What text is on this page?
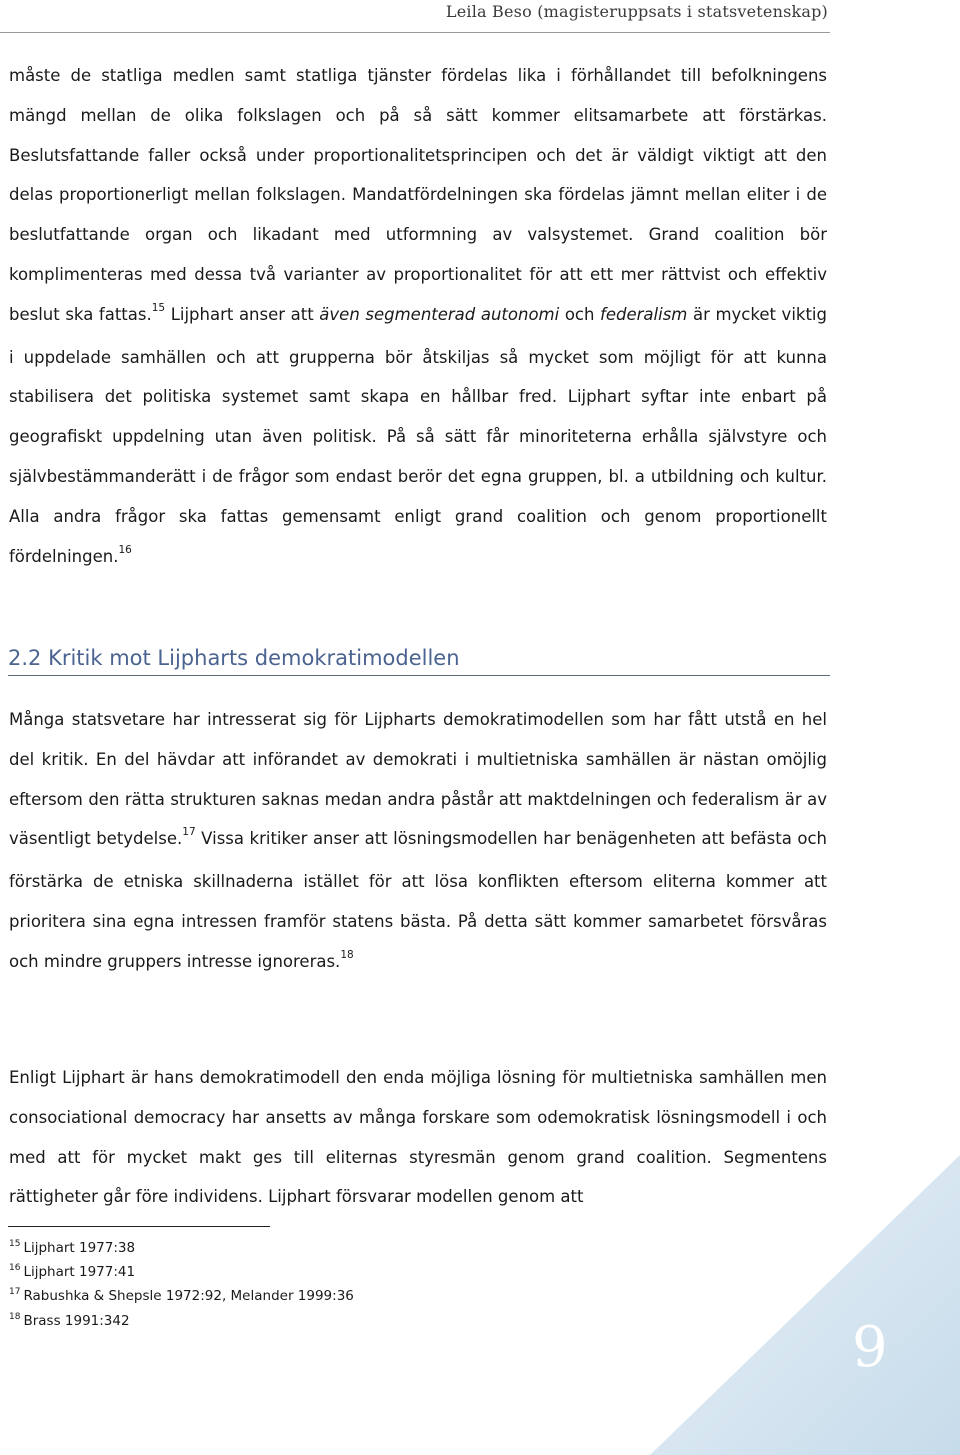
Leila Beso (magisteruppsats i statsvetenskap)

måste de statliga medlen samt statliga tjänster fördelas lika i förhållandet till befolkningens mängd mellan de olika folkslagen och på så sätt kommer elitsamarbete att förstärkas. Beslutsfattande faller också under proportionalitetsprincipen och det är väldigt viktigt att den delas proportionerligt mellan folkslagen. Mandatfördelningen ska fördelas jämnt mellan eliter i de beslutfattande organ och likadant med utformning av valsystemet. Grand coalition bör komplimenteras med dessa två varianter av proportionalitet för att ett mer rättvist och effektiv beslut ska fattas.$^{15}$ Lijphart anser att även segmenterad autonomi och federalism är mycket viktig i uppdelade samhällen och att grupperna bör åtskiljas så mycket som möjligt för att kunna stabilisera det politiska systemet samt skapa en hållbar fred. Lijphart syftar inte enbart på geografiskt uppdelning utan även politisk. På så sätt får minoriteterna erhålla självstyre och självbestämmanderätt i de frågor som endast berör det egna gruppen, bl. a utbildning och kultur. Alla andra frågor ska fattas gemensamt enligt grand coalition och genom proportionellt fördelningen.$^{16}$

2.2 Kritik mot Lijpharts demokratimodellen

Många statsvetare har intresserat sig för Lijpharts demokratimodellen som har fått utstå en hel del kritik. En del hävdar att införandet av demokrati i multietniska samhällen är nästan omöjlig eftersom den rätta strukturen saknas medan andra påstår att maktdelningen och federalism är av väsentligt betydelse.$^{17}$ Vissa kritiker anser att lösningsmodellen har benägenheten att befästa och förstärka de etniska skillnaderna istället för att lösa konflikten eftersom eliterna kommer att prioritera sina egna intressen framför statens bästa. På detta sätt kommer samarbetet försvåras och mindre gruppers intresse ignoreras.$^{18}$

Enligt Lijphart är hans demokratimodell den enda möjliga lösning för multietniska samhällen men consociational democracy har ansetts av många forskare som odemokratisk lösningsmodell i och med att för mycket makt ges till eliternas styresmän genom grand coalition. Segmentens rättigheter går före individens. Lijphart försvarar modellen genom att

$^{15}$ Lijphart 1977:38
$^{16}$ Lijphart 1977:41
$^{17}$ Rabushka & Shepsle 1972:92, Melander 1999:36
$^{18}$ Brass 1991:342	9
